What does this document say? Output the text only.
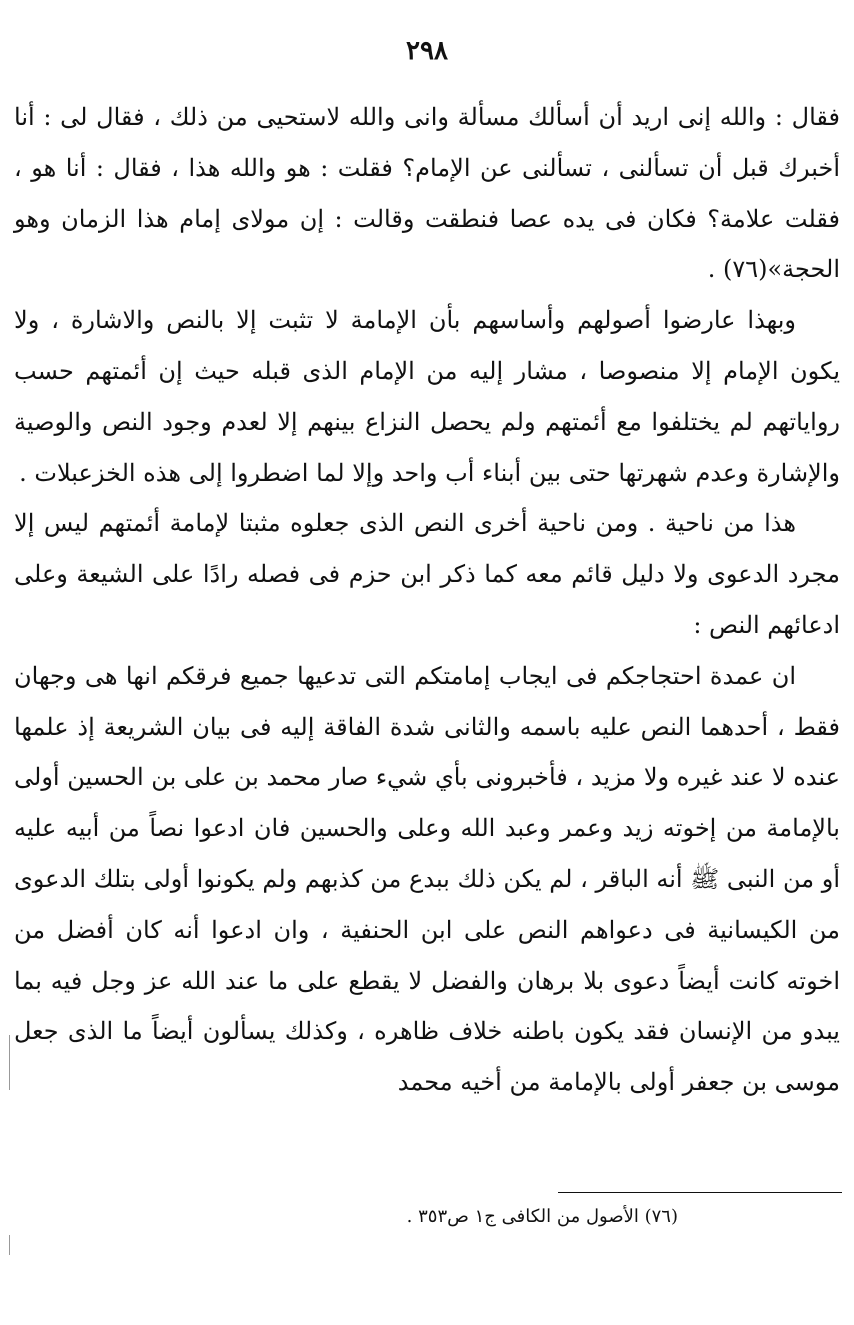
٢٩٨

فقال : والله إنى اريد أن أسألك مسألة وانى والله لاستحيى من ذلك ، فقال لى : أنا أخبرك قبل أن تسألنى ، تسألنى عن الإمام؟ فقلت : هو والله هذا ، فقال : أنا هو ، فقلت علامة؟ فكان فى يده عصا فنطقت وقالت : إن مولاى إمام هذا الزمان وهو الحجة»(٧٦) .

وبهذا عارضوا أصولهم وأساسهم بأن الإمامة لا تثبت إلا بالنص والاشارة ، ولا يكون الإمام إلا منصوصا ، مشار إليه من الإمام الذى قبله حيث إن أئمتهم حسب رواياتهم لم يختلفوا مع أئمتهم ولم يحصل النزاع بينهم إلا لعدم وجود النص والوصية والإشارة وعدم شهرتها حتى بين أبناء أب واحد وإلا لما اضطروا إلى هذه الخزعبلات .

هذا من ناحية . ومن ناحية أخرى النص الذى جعلوه مثبتا لإمامة أئمتهم ليس إلا مجرد الدعوى ولا دليل قائم معه كما ذكر ابن حزم فى فصله رادًا على الشيعة وعلى ادعائهم النص :

ان عمدة احتجاجكم فى ايجاب إمامتكم التى تدعيها جميع فرقكم انها هى وجهان فقط ، أحدهما النص عليه باسمه والثانى شدة الفاقة إليه فى بيان الشريعة إذ علمها عنده لا عند غيره ولا مزيد ، فأخبرونى بأي شيء صار محمد بن على بن الحسين أولى بالإمامة من إخوته زيد وعمر وعبد الله وعلى والحسين فان ادعوا نصاً من أبيه عليه أو من النبى ﷺ أنه الباقر ، لم يكن ذلك ببدع من كذبهم ولم يكونوا أولى بتلك الدعوى من الكيسانية فى دعواهم النص على ابن الحنفية ، وان ادعوا أنه كان أفضل من اخوته كانت أيضاً دعوى بلا برهان والفضل لا يقطع على ما عند الله عز وجل فيه بما يبدو من الإنسان فقد يكون باطنه خلاف ظاهره ، وكذلك يسألون أيضاً ما الذى جعل موسى بن جعفر أولى بالإمامة من أخيه محمد

(٧٦) الأصول من الكافى ج١ ص٣٥٣ .
